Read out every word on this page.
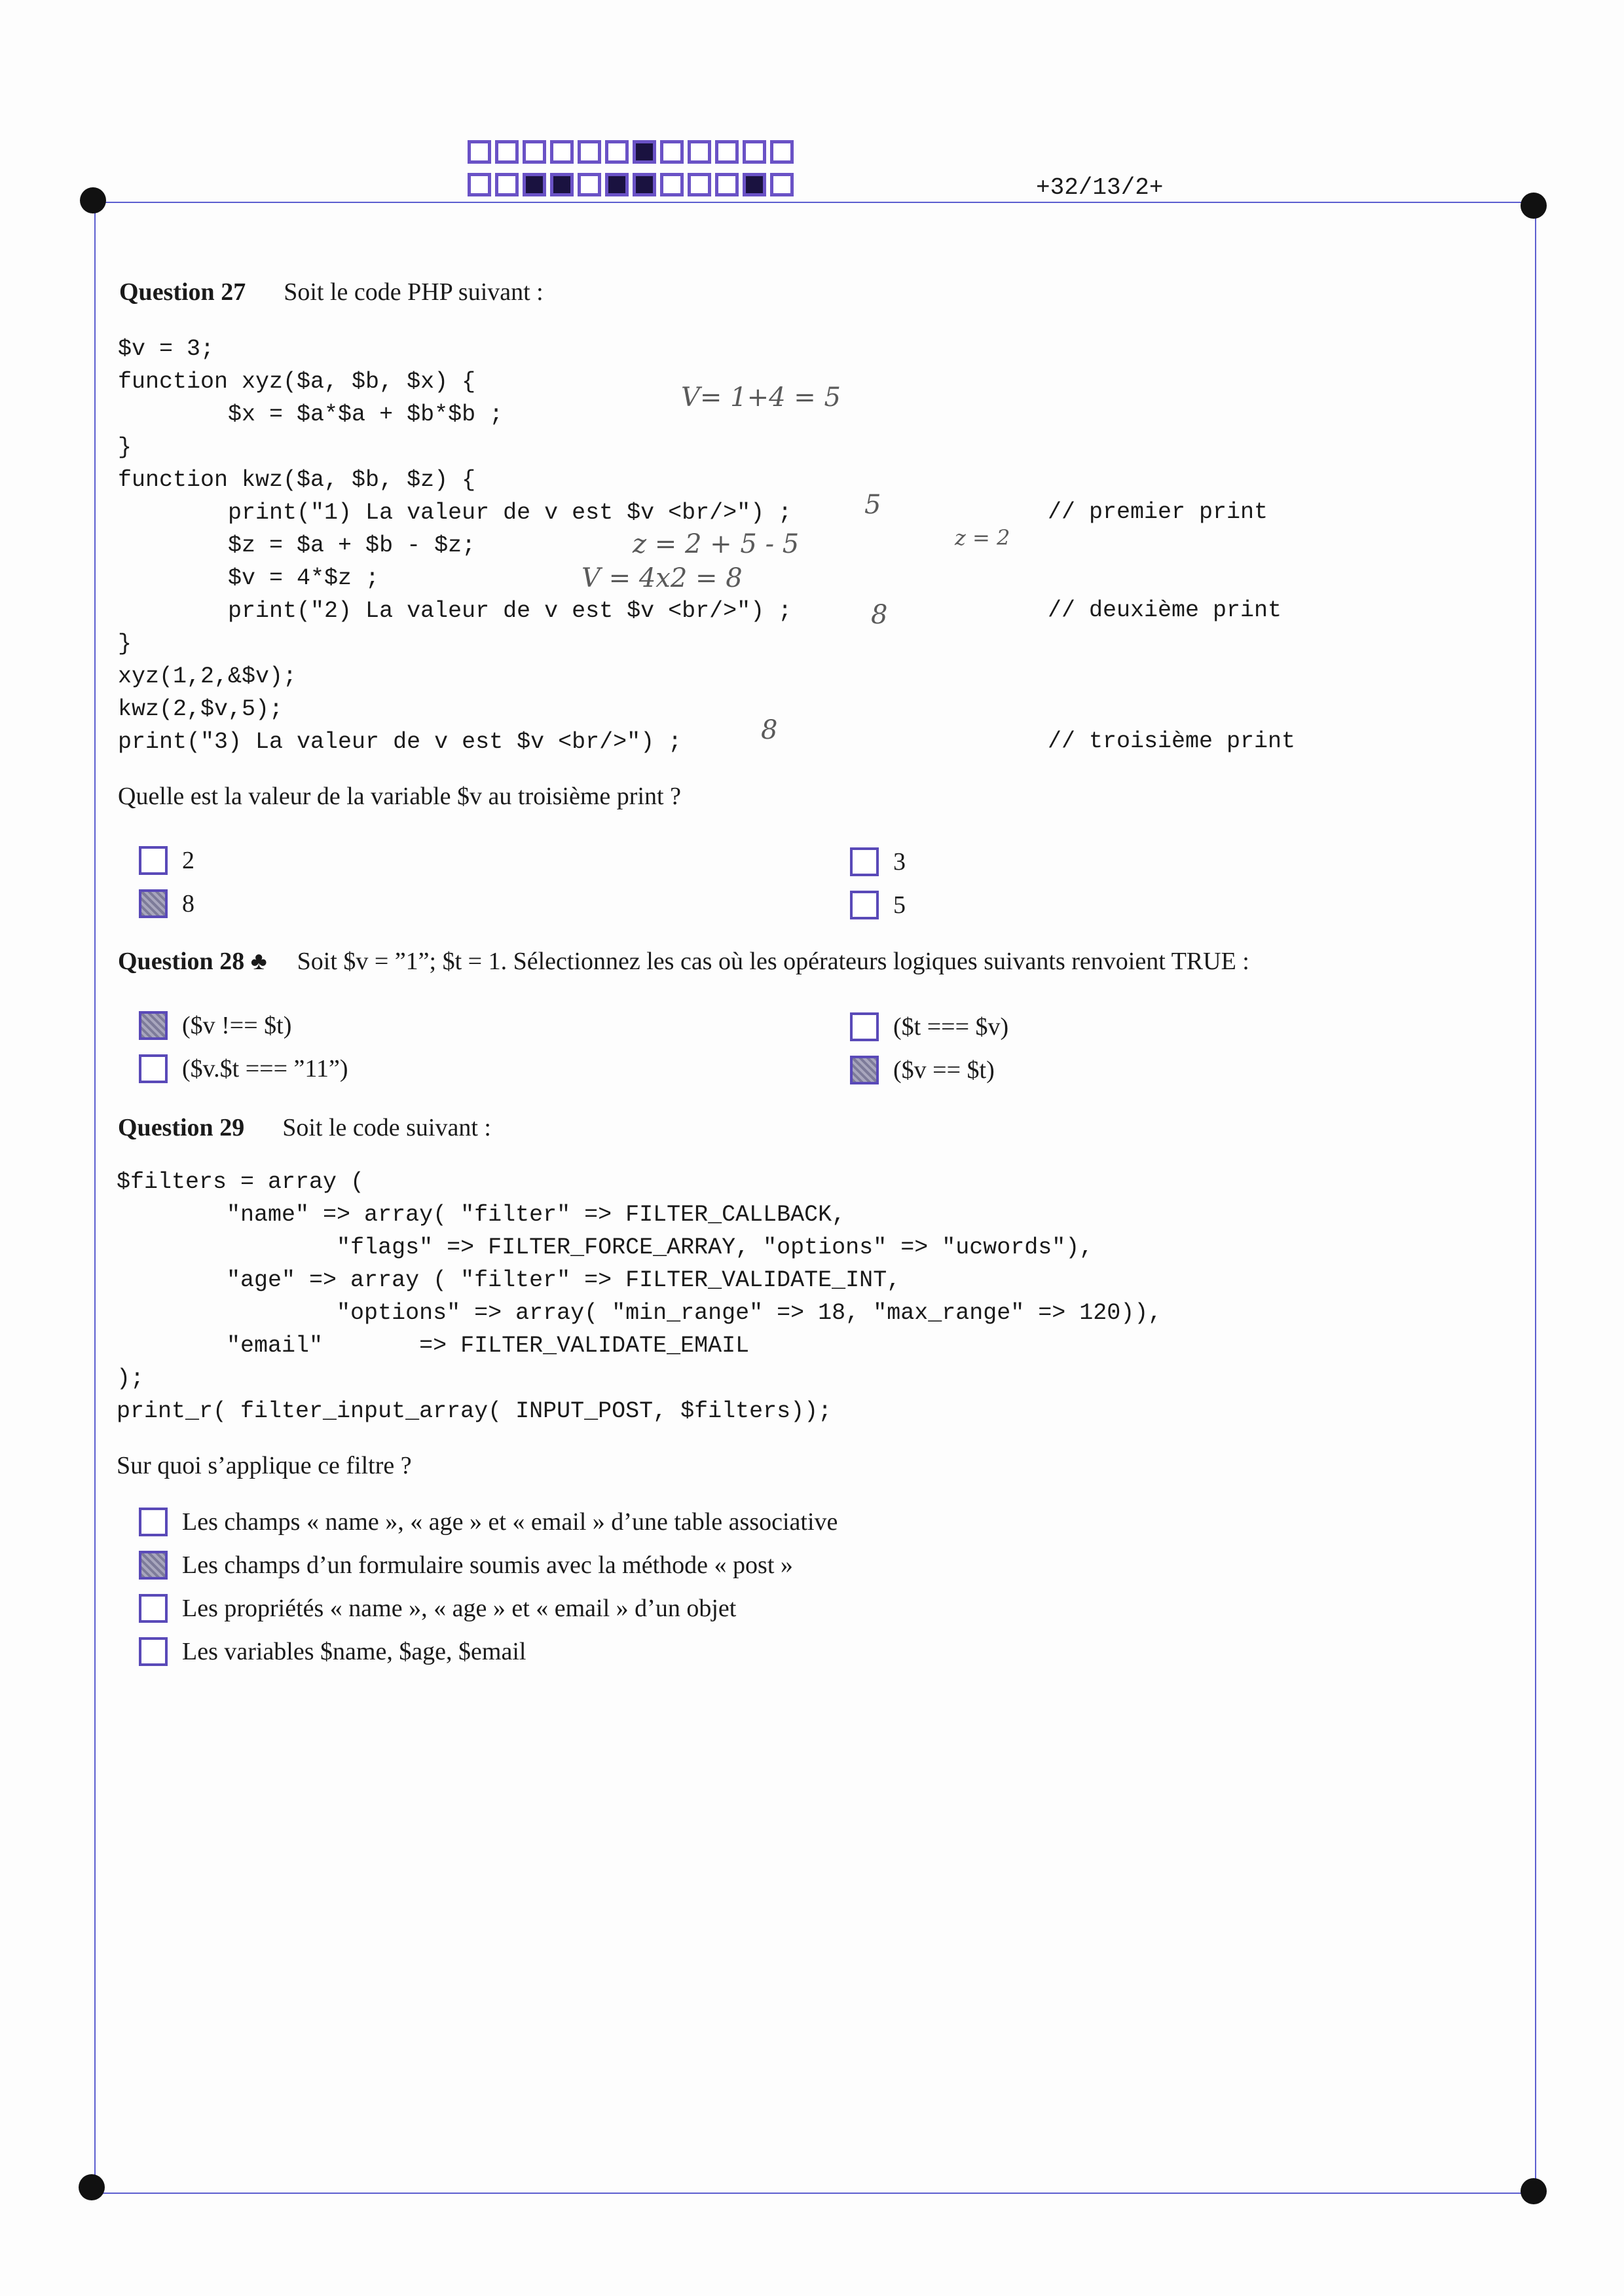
+32/13/2+
Question 27 Soit le code PHP suivant :
$v = 3;
function xyz($a, $b, $x) {
$x = $a*$a + $b*$b ;
}
function kwz($a, $b, $z) {
print("1) La valeur de v est $v <br/>") ;
$z = $a + $b - $z;
$v = 4*$z ;
print("2) La valeur de v est $v <br/>") ;
}
xyz(1,2,&$v);
kwz(2,$v,5);
print("3) La valeur de v est $v <br/>") ;
// premier print
// deuxième print
// troisième print
V= 1+4 = 5
5
z = 2 + 5 - 5	z = 2
V = 4x2 = 8
8
8
Quelle est la valeur de la variable $v au troisième print ?
2	3
8	5
Question 28 ♣ Soit $v = ”1”; $t = 1. Sélectionnez les cas où les opérateurs logiques suivants renvoient TRUE :
($v !== $t)	($t === $v)
($v.$t === ”11”)	($v == $t)
Question 29 Soit le code suivant :
$filters = array (
"name" => array( "filter" => FILTER_CALLBACK,
"flags" => FILTER_FORCE_ARRAY, "options" => "ucwords"),
"age" => array ( "filter" => FILTER_VALIDATE_INT,
"options" => array( "min_range" => 18, "max_range" => 120)),
"email"       => FILTER_VALIDATE_EMAIL
);
print_r( filter_input_array( INPUT_POST, $filters));
Sur quoi s’applique ce filtre ?
Les champs « name », « age » et « email » d’une table associative
Les champs d’un formulaire soumis avec la méthode « post »
Les propriétés « name », « age » et « email » d’un objet
Les variables $name, $age, $email
